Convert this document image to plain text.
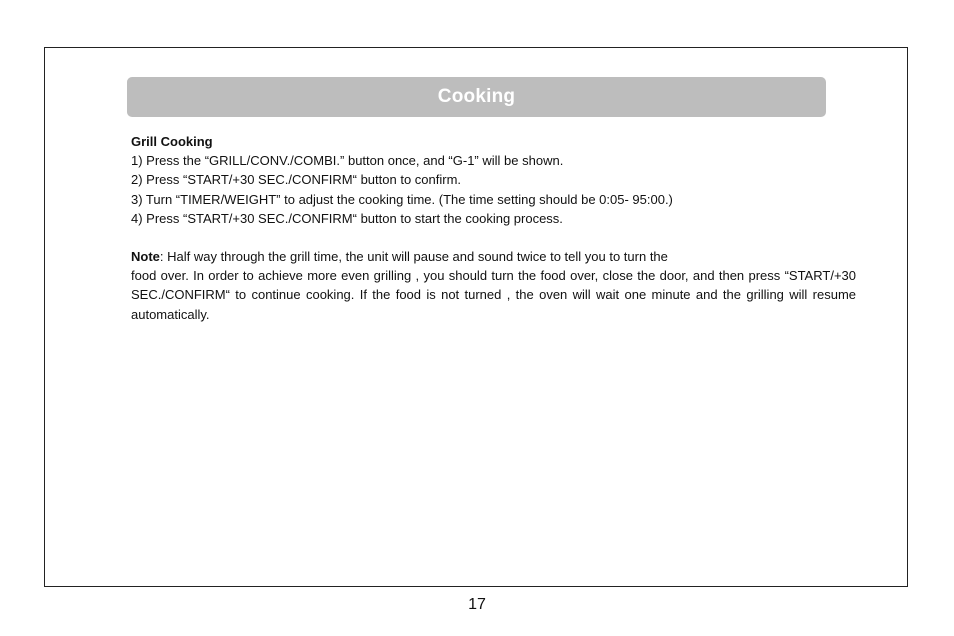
Cooking
Grill Cooking
1) Press the “GRILL/CONV./COMBI.” button once, and “G-1” will be shown.
2) Press “START/+30 SEC./CONFIRM“ button to confirm.
3) Turn “TIMER/WEIGHT” to adjust the cooking time. (The time setting should be 0:05- 95:00.)
4) Press “START/+30 SEC./CONFIRM“ button to start the cooking process.
Note: Half way through the grill time, the unit will pause and sound twice to tell you to turn the
food over. In order to achieve more even grilling , you should turn the food over, close the door, and then press “START/+30 SEC./CONFIRM“ to continue cooking. If the food is not turned , the oven will wait one minute and the grilling will resume automatically.
17
